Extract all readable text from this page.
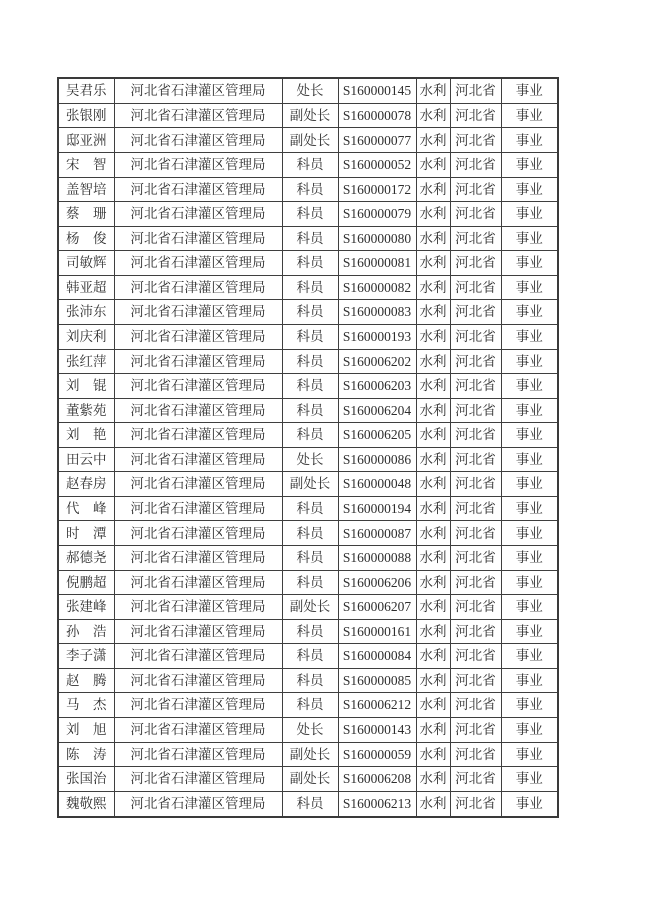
吴君乐	河北省石津灌区管理局	处长	S160000145	水利	河北省	事业
张银刚	河北省石津灌区管理局	副处长	S160000078	水利	河北省	事业
邸亚洲	河北省石津灌区管理局	副处长	S160000077	水利	河北省	事业
宋　智	河北省石津灌区管理局	科员	S160000052	水利	河北省	事业
盖智培	河北省石津灌区管理局	科员	S160000172	水利	河北省	事业
蔡　珊	河北省石津灌区管理局	科员	S160000079	水利	河北省	事业
杨　俊	河北省石津灌区管理局	科员	S160000080	水利	河北省	事业
司敏辉	河北省石津灌区管理局	科员	S160000081	水利	河北省	事业
韩亚超	河北省石津灌区管理局	科员	S160000082	水利	河北省	事业
张沛东	河北省石津灌区管理局	科员	S160000083	水利	河北省	事业
刘庆利	河北省石津灌区管理局	科员	S160000193	水利	河北省	事业
张红萍	河北省石津灌区管理局	科员	S160006202	水利	河北省	事业
刘　锟	河北省石津灌区管理局	科员	S160006203	水利	河北省	事业
董紫苑	河北省石津灌区管理局	科员	S160006204	水利	河北省	事业
刘　艳	河北省石津灌区管理局	科员	S160006205	水利	河北省	事业
田云中	河北省石津灌区管理局	处长	S160000086	水利	河北省	事业
赵春房	河北省石津灌区管理局	副处长	S160000048	水利	河北省	事业
代　峰	河北省石津灌区管理局	科员	S160000194	水利	河北省	事业
时　潭	河北省石津灌区管理局	科员	S160000087	水利	河北省	事业
郝德尧	河北省石津灌区管理局	科员	S160000088	水利	河北省	事业
倪鹏超	河北省石津灌区管理局	科员	S160006206	水利	河北省	事业
张建峰	河北省石津灌区管理局	副处长	S160006207	水利	河北省	事业
孙　浩	河北省石津灌区管理局	科员	S160000161	水利	河北省	事业
李子潇	河北省石津灌区管理局	科员	S160000084	水利	河北省	事业
赵　腾	河北省石津灌区管理局	科员	S160000085	水利	河北省	事业
马　杰	河北省石津灌区管理局	科员	S160006212	水利	河北省	事业
刘　旭	河北省石津灌区管理局	处长	S160000143	水利	河北省	事业
陈　涛	河北省石津灌区管理局	副处长	S160000059	水利	河北省	事业
张国治	河北省石津灌区管理局	副处长	S160006208	水利	河北省	事业
魏敬熙	河北省石津灌区管理局	科员	S160006213	水利	河北省	事业
